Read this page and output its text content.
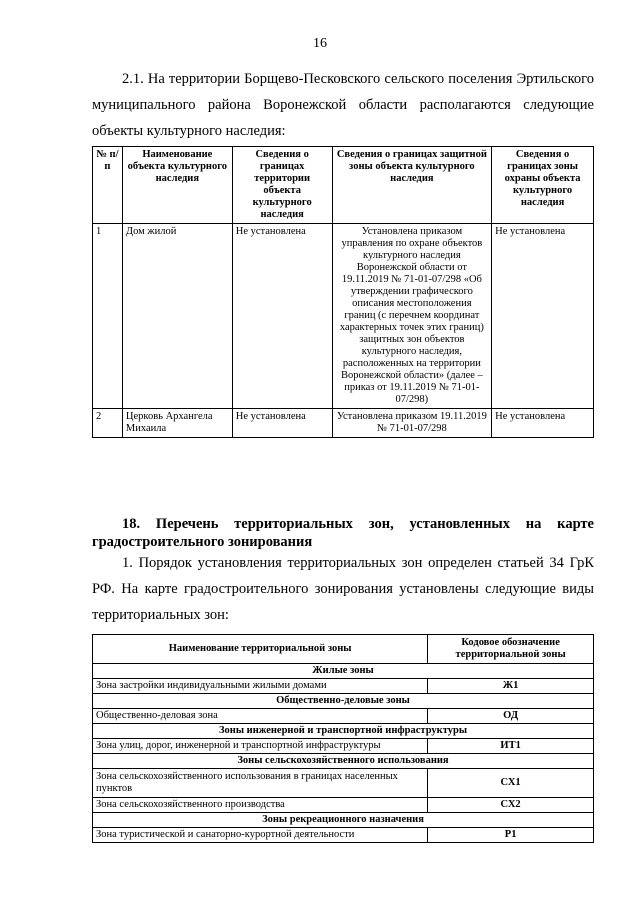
16
2.1. На территории Борщево-Песковского сельского поселения Эртильского муниципального района Воронежской области располагаются следующие объекты культурного наследия:
№ п/п	Наименование объекта культурного наследия	Сведения о границах территории объекта культурного наследия	Сведения о границах защитной зоны объекта культурного наследия	Сведения о границах зоны охраны объекта культурного наследия
1	Дом жилой	Не установлена	Установлена приказом управления по охране объектов культурного наследия Воронежской области от 19.11.2019 № 71-01-07/298 «Об утверждении графического описания местоположения границ (с перечнем координат характерных точек этих границ) защитных зон объектов культурного наследия, расположенных на территории Воронежской области» (далее – приказ от 19.11.2019 № 71-01-07/298)	Не установлена
2	Церковь Архангела Михаила	Не установлена	Установлена приказом 19.11.2019 № 71-01-07/298	Не установлена
18. Перечень территориальных зон, установленных на карте
градостроительного зонирования
1. Порядок установления территориальных зон определен статьей 34 ГрК РФ. На карте градостроительного зонирования установлены следующие виды территориальных зон:
Наименование территориальной зоны	Кодовое обозначение территориальной зоны
Жилые зоны	
Зона застройки индивидуальными жилыми домами	Ж1
Общественно-деловые зоны	
Общественно-деловая зона	ОД
Зоны инженерной и транспортной инфраструктуры	
Зона улиц, дорог, инженерной и транспортной инфраструктуры	ИТ1
Зоны сельскохозяйственного использования	
Зона сельскохозяйственного использования в границах населенных пунктов	СХ1
Зона сельскохозяйственного производства	СХ2
Зоны рекреационного назначения	
Зона туристической и санаторно-курортной деятельности	Р1
